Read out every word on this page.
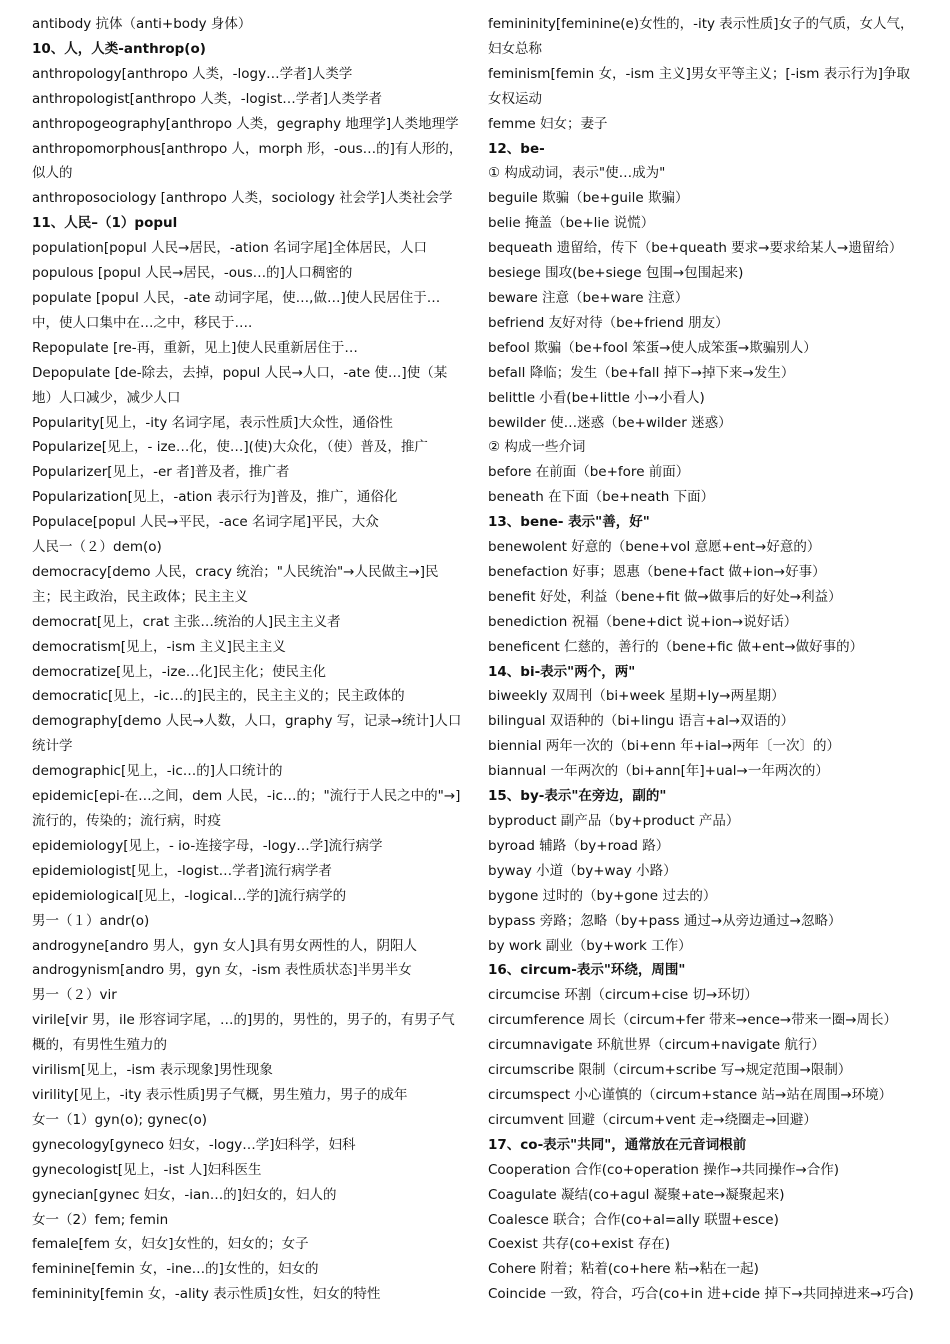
antibody 抗体（anti+body 身体）

10、人，人类-anthrop(o)

anthropology[anthropo 人类，-logy…学者]人类学

anthropologist[anthropo 人类，-logist…学者]人类学者

anthropogeography[anthropo 人类，gegraphy 地理学]人类地理学

anthropomorphous[anthropo 人，morph 形，-ous…的]有人形的，似人的

anthroposociology [anthropo 人类，sociology 社会学]人类社会学

11、人民–（1）popul

population[popul 人民→居民，-ation 名词字尾]全体居民，人口

populous [popul 人民→居民，-ous…的]人口稠密的

populate [popul 人民，-ate 动词字尾，使…,做…]使人民居住于…中，使人口集中在…之中，移民于….

Repopulate [re-再，重新，见上]使人民重新居住于…

Depopulate [de-除去，去掉，popul 人民→人口，-ate 使…]使（某地）人口减少，减少人口

Popularity[见上，-ity 名词字尾，表示性质]大众性，通俗性

Popularize[见上，- ize…化，使…](使)大众化，（使）普及，推广

Popularizer[见上，-er 者]普及者，推广者

Popularization[见上，-ation 表示行为]普及，推广，通俗化

Populace[popul 人民→平民，-ace 名词字尾]平民，大众

人民一（２）dem(o)

democracy[demo 人民，cracy 统治；"人民统治"→人民做主→]民主；民主政治，民主政体；民主主义

democrat[见上，crat 主张…统治的人]民主主义者

democratism[见上，-ism 主义]民主主义

democratize[见上，-ize…化]民主化；使民主化

democratic[见上，-ic…的]民主的，民主主义的；民主政体的

demography[demo 人民→人数，人口，graphy 写，记录→统计]人口统计学

demographic[见上，-ic…的]人口统计的

epidemic[epi-在…之间，dem 人民，-ic…的；"流行于人民之中的"→]流行的，传染的；流行病，时疫

epidemiology[见上，- io-连接字母，-logy…学]流行病学

epidemiologist[见上，-logist…学者]流行病学者

epidemiological[见上，-logical…学的]流行病学的

男一（１）andr(o)

androgyne[andro 男人，gyn 女人]具有男女两性的人，阴阳人

androgynism[andro 男，gyn 女，-ism 表性质状态]半男半女

男一（２）vir

virile[vir 男，ile 形容词字尾，…的]男的，男性的，男子的，有男子气概的，有男性生殖力的

virilism[见上，-ism 表示现象]男性现象

virility[见上，-ity 表示性质]男子气概，男生殖力，男子的成年

女一（1）gyn(o); gynec(o)

gynecology[gyneco 妇女，-logy…学]妇科学，妇科

gynecologist[见上，-ist 人]妇科医生

gynecian[gynec 妇女，-ian…的]妇女的，妇人的

女一（2）fem; femin

female[fem 女，妇女]女性的，妇女的；女子

feminine[femin 女，-ine…的]女性的，妇女的

femininity[femin 女，-ality 表示性质]女性，妇女的特性

femininity[feminine(e)女性的，-ity 表示性质]女子的气质，女人气，妇女总称

feminism[femin 女，-ism 主义]男女平等主义；[-ism 表示行为]争取女权运动

femme 妇女；妻子

12、be-

① 构成动词，表示"使…成为"

beguile 欺骗（be+guile 欺骗）

belie 掩盖（be+lie 说慌）

bequeath 遗留给，传下（be+queath 要求→要求给某人→遗留给）

besiege 围攻(be+siege 包围→包围起来)

beware 注意（be+ware 注意）

befriend 友好对待（be+friend 朋友）

befool 欺骗（be+fool 笨蛋→使人成笨蛋→欺骗别人）

befall 降临；发生（be+fall 掉下→掉下来→发生）

belittle 小看(be+little 小→小看人)

bewilder 使…迷惑（be+wilder 迷惑）

② 构成一些介词

before 在前面（be+fore 前面）

beneath 在下面（be+neath 下面）

13、bene- 表示"善，好"

benewolent 好意的（bene+vol 意愿+ent→好意的）

benefaction 好事；恩惠（bene+fact 做+ion→好事）

benefit 好处，利益（bene+fit 做→做事后的好处→利益）

benediction 祝福（bene+dict 说+ion→说好话）

beneficent 仁慈的，善行的（bene+fic 做+ent→做好事的）

14、bi-表示"两个，两"

biweekly 双周刊（bi+week 星期+ly→两星期）

bilingual 双语种的（bi+lingu 语言+al→双语的）

biennial 两年一次的（bi+enn 年+ial→两年〔一次〕的）

biannual 一年两次的（bi+ann[年]+ual→一年两次的）

15、by-表示"在旁边，副的"

byproduct 副产品（by+product 产品）

byroad 辅路（by+road 路）

byway 小道（by+way 小路）

bygone 过时的（by+gone 过去的）

bypass 旁路；忽略（by+pass 通过→从旁边通过→忽略）

by work 副业（by+work 工作）

16、circum-表示"环绕，周围"

circumcise 环割（circum+cise 切→环切）

circumference 周长（circum+fer 带来→ence→带来一圈→周长）

circumnavigate 环航世界（circum+navigate 航行）

circumscribe 限制（circum+scribe 写→规定范围→限制）

circumspect 小心谨慎的（circum+stance 站→站在周围→环境）

circumvent 回避（circum+vent 走→绕圈走→回避）

17、co-表示"共同"，通常放在元音词根前

Cooperation 合作(co+operation 操作→共同操作→合作)

Coagulate 凝结(co+agul 凝聚+ate→凝聚起来)

Coalesce 联合；合作(co+al=ally 联盟+esce)

Coexist 共存(co+exist 存在)

Cohere 附着；粘着(co+here 粘→粘在一起)

Coincide 一致，符合，巧合(co+in 进+cide 掉下→共同掉进来→巧合)
